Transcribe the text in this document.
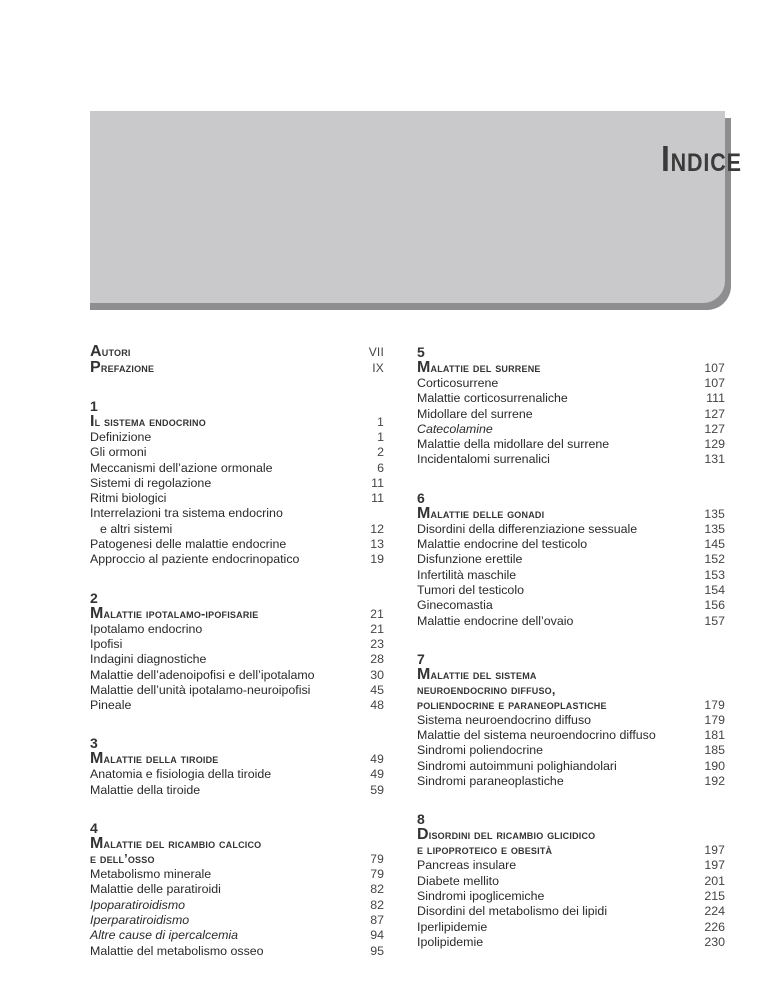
Indice
Autori	VII
Prefazione	IX
1
Il sistema endocrino	1
Definizione	1
Gli ormoni	2
Meccanismi dell’azione ormonale	6
Sistemi di regolazione	11
Ritmi biologici	11
Interrelazioni tra sistema endocrino
e altri sistemi	12
Patogenesi delle malattie endocrine	13
Approccio al paziente endocrinopatico	19
2
Malattie ipotalamo-ipofisarie	21
Ipotalamo endocrino	21
Ipofisi	23
Indagini diagnostiche	28
Malattie dell’adenoipofisi e dell’ipotalamo	30
Malattie dell’unità ipotalamo-neuroipofisi	45
Pineale	48
3
Malattie della tiroide	49
Anatomia e fisiologia della tiroide	49
Malattie della tiroide	59
4
Malattie del ricambio calcico
e dell’osso	79
Metabolismo minerale	79
Malattie delle paratiroidi	82
Ipoparatiroidismo	82
Iperparatiroidismo	87
Altre cause di ipercalcemia	94
Malattie del metabolismo osseo	95
5
Malattie del surrene	107
Corticosurrene	107
Malattie corticosurrenaliche	111
Midollare del surrene	127
Catecolamine	127
Malattie della midollare del surrene	129
Incidentalomi surrenalici	131
6
Malattie delle gonadi	135
Disordini della differenziazione sessuale	135
Malattie endocrine del testicolo	145
Disfunzione erettile	152
Infertilità maschile	153
Tumori del testicolo	154
Ginecomastia	156
Malattie endocrine dell’ovaio	157
7
Malattie del sistema
neuroendocrino diffuso,
poliendocrine e paraneoplastiche	179
Sistema neuroendocrino diffuso	179
Malattie del sistema neuroendocrino diffuso	181
Sindromi poliendocrine	185
Sindromi autoimmuni polighiandolari	190
Sindromi paraneoplastiche	192
8
Disordini del ricambio glicidico
e lipoproteico e obesità	197
Pancreas insulare	197
Diabete mellito	201
Sindromi ipoglicemiche	215
Disordini del metabolismo dei lipidi	224
Iperlipidemie	226
Ipolipidemie	230
